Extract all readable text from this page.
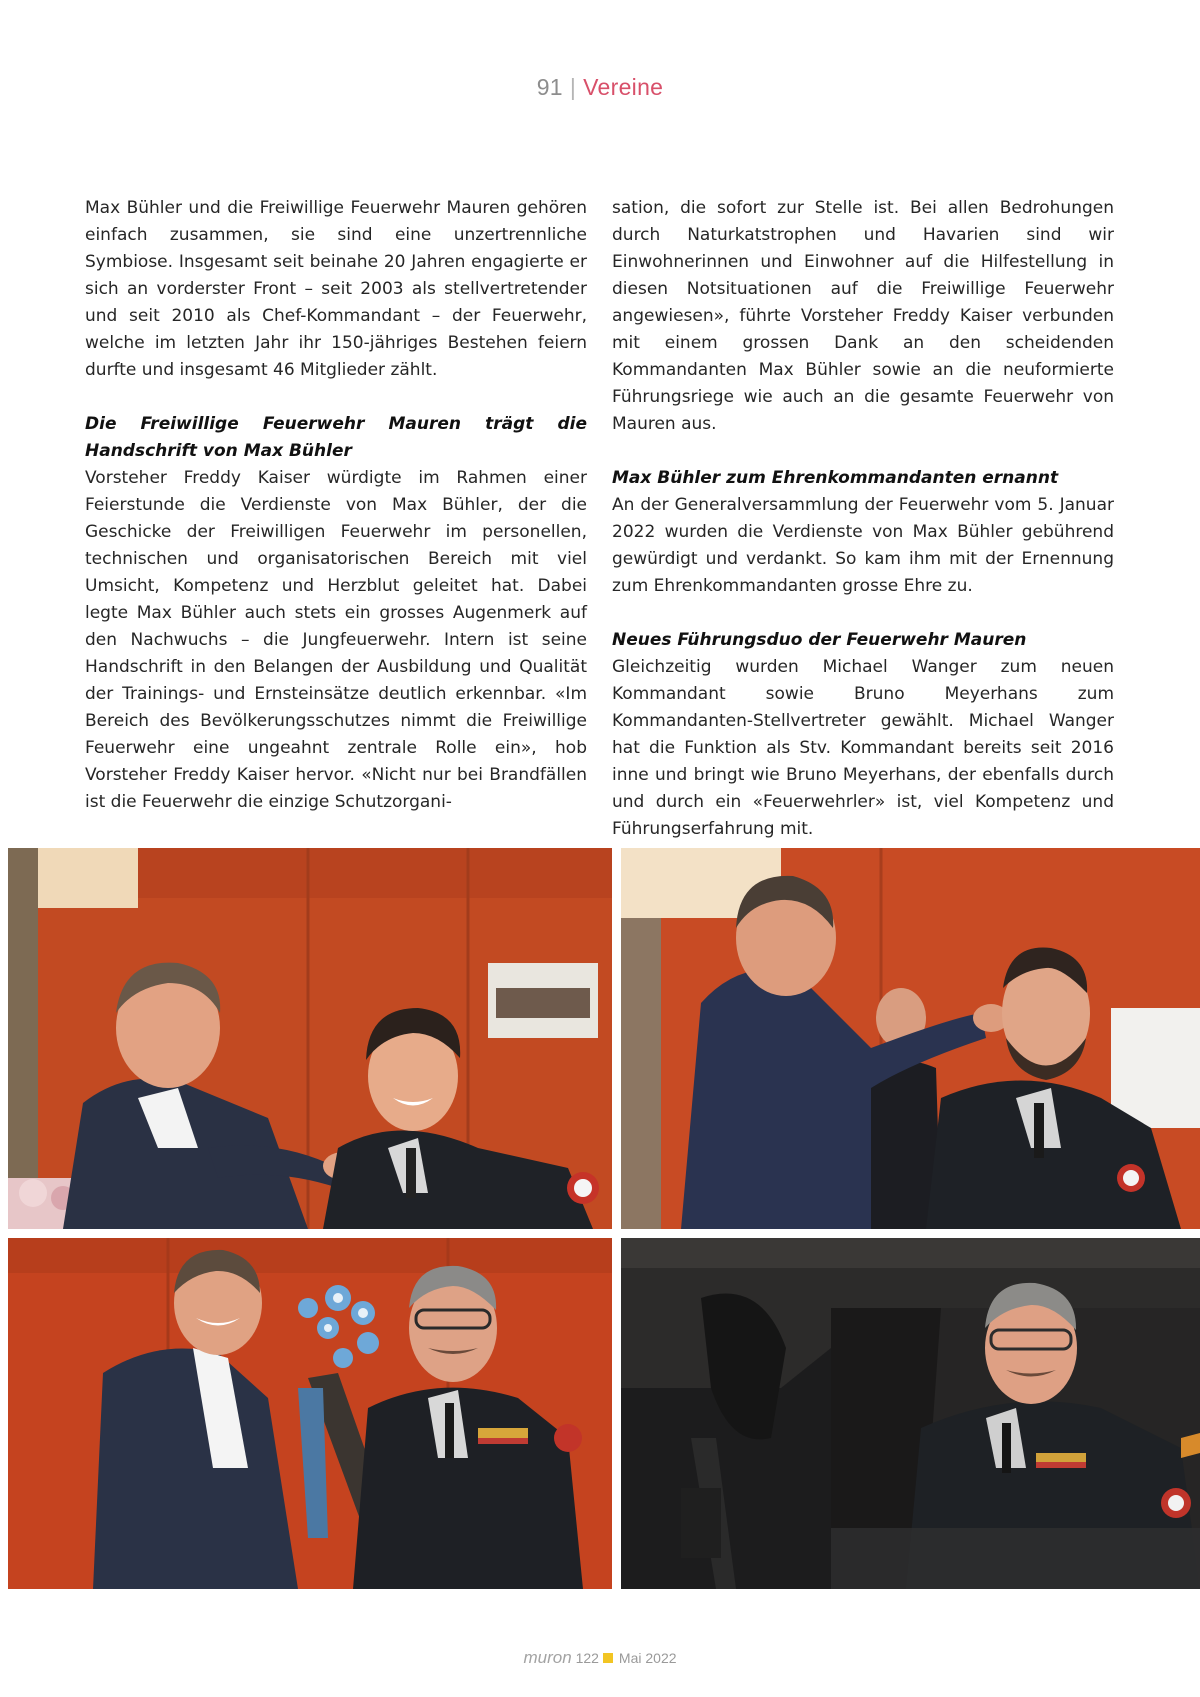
91 | Vereine

Max Bühler und die Freiwillige Feuerwehr Mauren gehören einfach zusammen, sie sind eine unzertrennliche Symbiose. Insgesamt seit beinahe 20 Jahren engagierte er sich an vorderster Front – seit 2003 als stellvertretender und seit 2010 als Chef-Kommandant – der Feuerwehr, welche im letzten Jahr ihr 150-jähriges Bestehen feiern durfte und insgesamt 46 Mitglieder zählt.

Die Freiwillige Feuerwehr Mauren trägt die Handschrift von Max Bühler

Vorsteher Freddy Kaiser würdigte im Rahmen einer Feierstunde die Verdienste von Max Bühler, der die Geschicke der Freiwilligen Feuerwehr im personellen, technischen und organisatorischen Bereich mit viel Umsicht, Kompetenz und Herzblut geleitet hat. Dabei legte Max Bühler auch stets ein grosses Augenmerk auf den Nachwuchs – die Jungfeuerwehr. Intern ist seine Handschrift in den Belangen der Ausbildung und Qualität der Trainings- und Ernsteinsätze deutlich erkennbar. «Im Bereich des Bevölkerungsschutzes nimmt die Freiwillige Feuerwehr eine ungeahnt zentrale Rolle ein», hob Vorsteher Freddy Kaiser hervor. «Nicht nur bei Brandfällen ist die Feuerwehr die einzige Schutzorgani-

sation, die sofort zur Stelle ist. Bei allen Bedrohungen durch Naturkatstrophen und Havarien sind wir Einwohnerinnen und Einwohner auf die Hilfestellung in diesen Notsituationen auf die Freiwillige Feuerwehr angewiesen», führte Vorsteher Freddy Kaiser verbunden mit einem grossen Dank an den scheidenden Kommandanten Max Bühler sowie an die neuformierte Führungsriege wie auch an die gesamte Feuerwehr von Mauren aus.

Max Bühler zum Ehrenkommandanten ernannt

An der Generalversammlung der Feuerwehr vom 5. Januar 2022 wurden die Verdienste von Max Bühler gebührend gewürdigt und verdankt. So kam ihm mit der Ernennung zum Ehrenkommandanten grosse Ehre zu.

Neues Führungsduo der Feuerwehr Mauren

Gleichzeitig wurden Michael Wanger zum neuen Kommandant sowie Bruno Meyerhans zum Kommandanten-Stellvertreter gewählt. Michael Wanger hat die Funktion als Stv. Kommandant bereits seit 2016 inne und bringt wie Bruno Meyerhans, der ebenfalls durch und durch ein «Feuerwehrler» ist, viel Kompetenz und Führungserfahrung mit.

muron 122 Mai 2022
